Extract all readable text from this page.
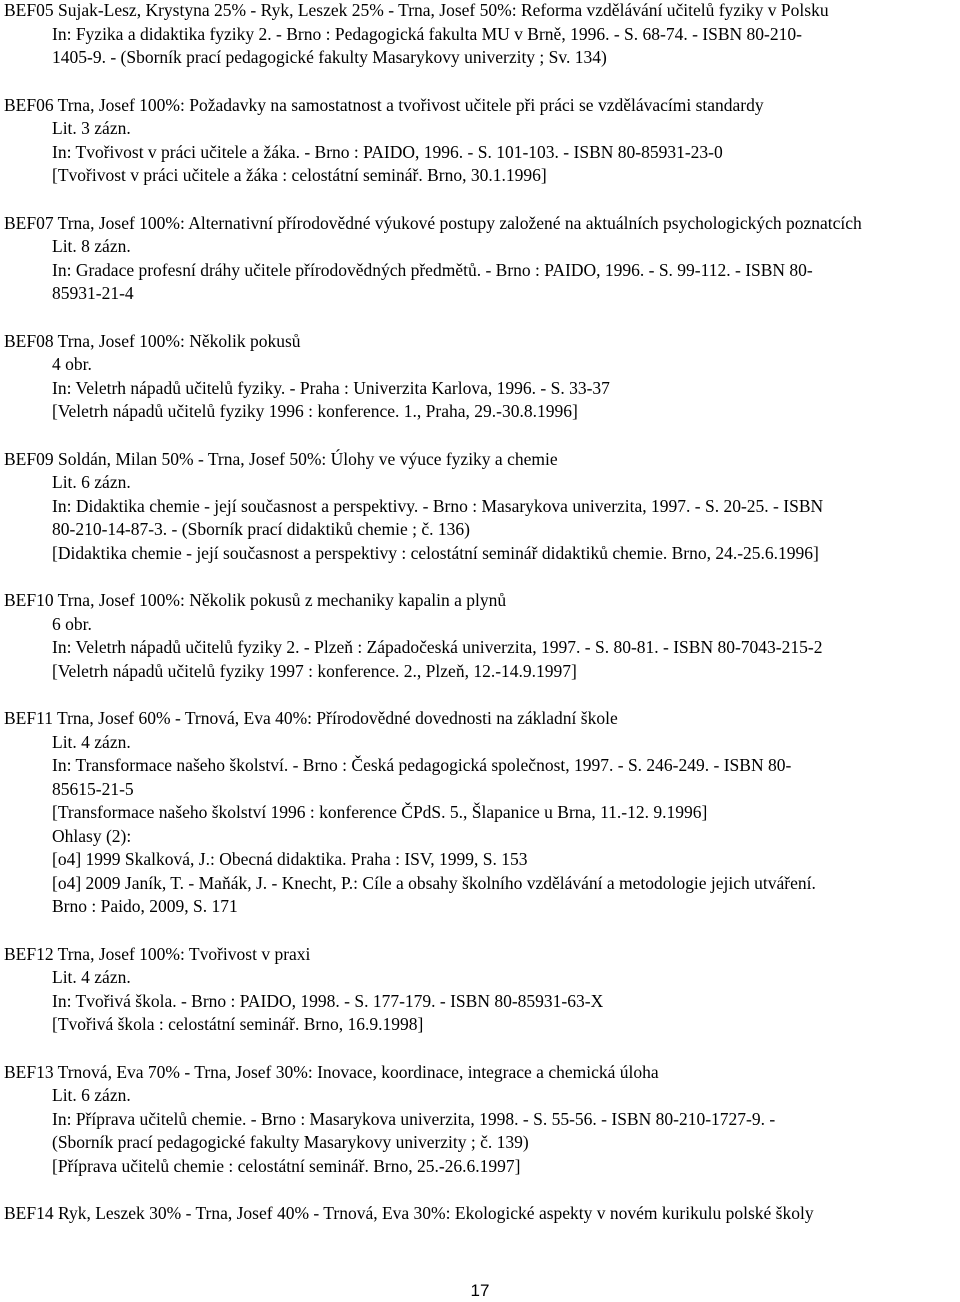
BEF05 Sujak-Lesz, Krystyna 25% - Ryk, Leszek 25% - Trna, Josef 50%: Reforma vzdělávání učitelů fyziky v Polsku
In: Fyzika a didaktika fyziky 2. - Brno : Pedagogická fakulta MU v Brně, 1996. - S. 68-74. - ISBN 80-210-
1405-9. - (Sborník prací pedagogické fakulty Masarykovy univerzity ; Sv. 134)
BEF06 Trna, Josef 100%: Požadavky na samostatnost a tvořivost učitele při práci se vzdělávacími standardy
Lit. 3 zázn.
In: Tvořivost v práci učitele a žáka. - Brno : PAIDO, 1996. - S. 101-103. - ISBN 80-85931-23-0
[Tvořivost v práci učitele a žáka : celostátní seminář. Brno, 30.1.1996]
BEF07 Trna, Josef 100%: Alternativní přírodovědné výukové postupy založené na aktuálních psychologických poznatcích
Lit. 8 zázn.
In: Gradace profesní dráhy učitele přírodovědných předmětů. - Brno : PAIDO, 1996. - S. 99-112. - ISBN 80-
85931-21-4
BEF08 Trna, Josef 100%: Několik pokusů
4 obr.
In: Veletrh nápadů učitelů fyziky. - Praha : Univerzita Karlova, 1996. - S. 33-37
[Veletrh nápadů učitelů fyziky 1996 : konference. 1., Praha, 29.-30.8.1996]
BEF09 Soldán, Milan 50% - Trna, Josef 50%: Úlohy ve výuce fyziky a chemie
Lit. 6 zázn.
In: Didaktika chemie - její současnost a perspektivy. - Brno : Masarykova univerzita, 1997. - S. 20-25. - ISBN
80-210-14-87-3. - (Sborník prací didaktiků chemie ; č. 136)
[Didaktika chemie - její současnost a perspektivy : celostátní seminář didaktiků chemie. Brno, 24.-25.6.1996]
BEF10 Trna, Josef 100%: Několik pokusů z mechaniky kapalin a plynů
6 obr.
In: Veletrh nápadů učitelů fyziky 2. - Plzeň : Západočeská univerzita, 1997. - S. 80-81. - ISBN 80-7043-215-2
[Veletrh nápadů učitelů fyziky 1997 : konference. 2., Plzeň, 12.-14.9.1997]
BEF11 Trna, Josef 60% - Trnová, Eva 40%: Přírodovědné dovednosti na základní škole
Lit. 4 zázn.
In: Transformace našeho školství. - Brno : Česká pedagogická společnost, 1997. - S. 246-249. - ISBN 80-
85615-21-5
[Transformace našeho školství 1996 : konference ČPdS. 5., Šlapanice u Brna, 11.-12. 9.1996]
Ohlasy (2):
[o4] 1999 Skalková, J.: Obecná didaktika. Praha : ISV, 1999, S. 153
[o4] 2009 Janík, T. - Maňák, J. - Knecht, P.: Cíle a obsahy školního vzdělávání a metodologie jejich utváření.
Brno : Paido, 2009, S. 171
BEF12 Trna, Josef 100%: Tvořivost v praxi
Lit. 4 zázn.
In: Tvořivá škola. - Brno : PAIDO, 1998. - S. 177-179. - ISBN 80-85931-63-X
[Tvořivá škola : celostátní seminář. Brno, 16.9.1998]
BEF13 Trnová, Eva 70% - Trna, Josef 30%: Inovace, koordinace, integrace a chemická úloha
Lit. 6 zázn.
In: Příprava učitelů chemie. - Brno : Masarykova univerzita, 1998. - S. 55-56. - ISBN 80-210-1727-9. -
(Sborník prací pedagogické fakulty Masarykovy univerzity ; č. 139)
[Příprava učitelů chemie : celostátní seminář. Brno, 25.-26.6.1997]
BEF14 Ryk, Leszek 30% - Trna, Josef 40% - Trnová, Eva 30%: Ekologické aspekty v novém kurikulu polské školy
17
